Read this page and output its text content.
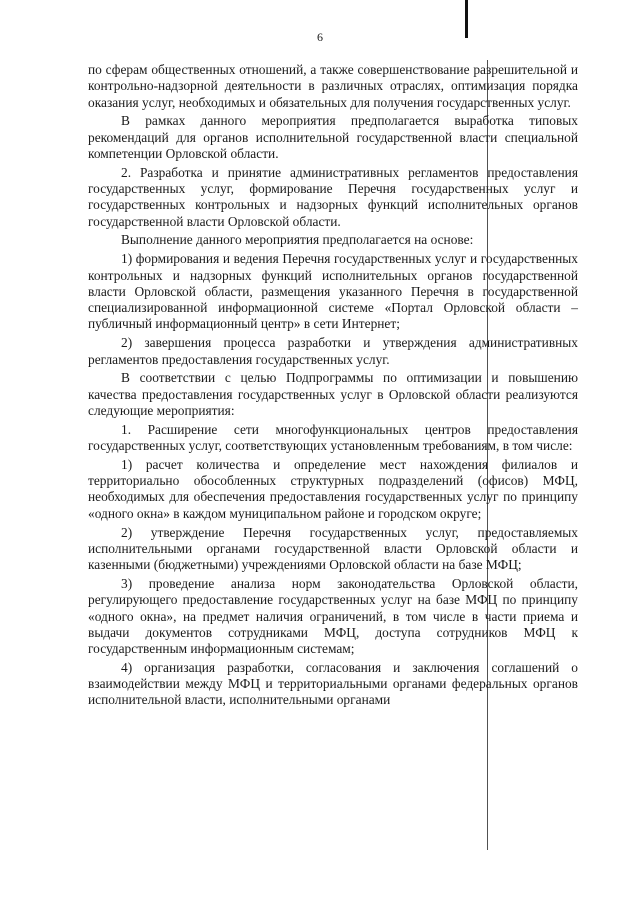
6

по сферам общественных отношений, а также совершенствование разрешительной и контрольно-надзорной деятельности в различных отраслях, оптимизация порядка оказания услуг, необходимых и обязательных для получения государственных услуг.

В рамках данного мероприятия предполагается выработка типовых рекомендаций для органов исполнительной государственной власти специальной компетенции Орловской области.

2. Разработка и принятие административных регламентов предоставления государственных услуг, формирование Перечня государственных услуг и государственных контрольных и надзорных функций исполнительных органов государственной власти Орловской области.

Выполнение данного мероприятия предполагается на основе:

1) формирования и ведения Перечня государственных услуг и государственных контрольных и надзорных функций исполнительных органов государственной власти Орловской области, размещения указанного Перечня в государственной специализированной информационной системе «Портал Орловской области – публичный информационный центр» в сети Интернет;

2) завершения процесса разработки и утверждения административных регламентов предоставления государственных услуг.

В соответствии с целью Подпрограммы по оптимизации и повышению качества предоставления государственных услуг в Орловской области реализуются следующие мероприятия:

1. Расширение сети многофункциональных центров предоставления государственных услуг, соответствующих установленным требованиям, в том числе:

1) расчет количества и определение мест нахождения филиалов и территориально обособленных структурных подразделений (офисов) МФЦ, необходимых для обеспечения предоставления государственных услуг по принципу «одного окна» в каждом муниципальном районе и городском округе;

2) утверждение Перечня государственных услуг, предоставляемых исполнительными органами государственной власти Орловской области и казенными (бюджетными) учреждениями Орловской области на базе МФЦ;

3) проведение анализа норм законодательства Орловской области, регулирующего предоставление государственных услуг на базе МФЦ по принципу «одного окна», на предмет наличия ограничений, в том числе в части приема и выдачи документов сотрудниками МФЦ, доступа сотрудников МФЦ к государственным информационным системам;

4) организация разработки, согласования и заключения соглашений о взаимодействии между МФЦ и территориальными органами федеральных органов исполнительной власти, исполнительными органами
